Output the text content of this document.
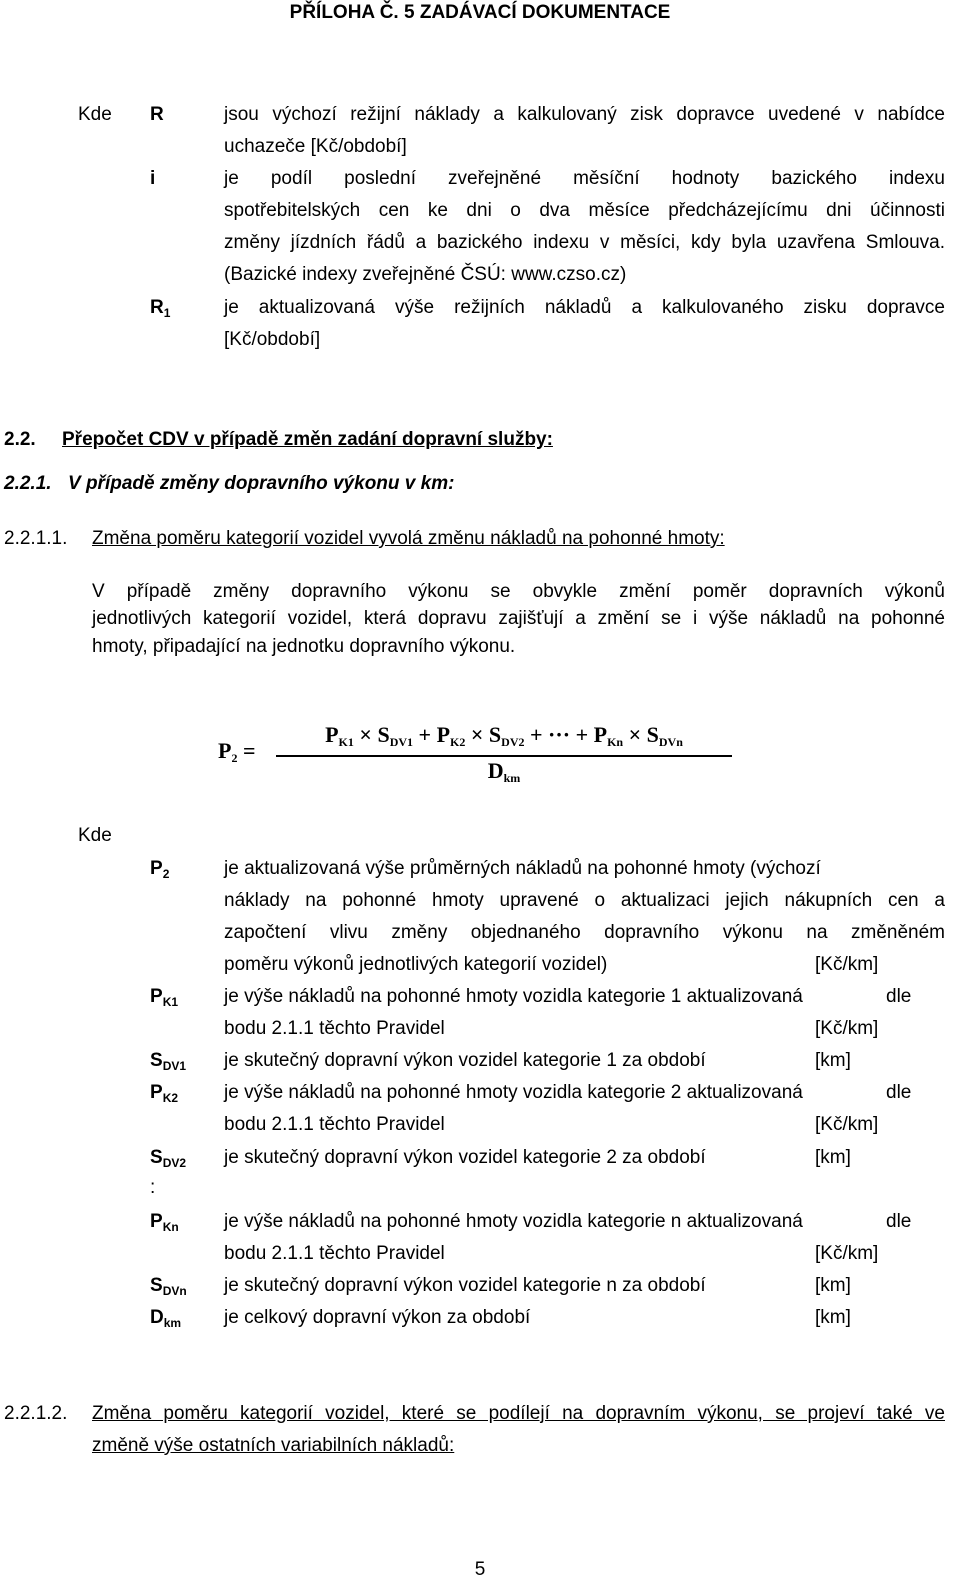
PŘÍLOHA Č. 5 ZADÁVACÍ DOKUMENTACE
Kde R	jsou výchozí režijní náklady a kalkulovaný zisk dopravce uvedené v nabídce
uchazeče [Kč/období]
i	je podíl poslední zveřejněné měsíční hodnoty bazického indexu
spotřebitelských cen ke dni o dva měsíce předcházejícímu dni účinnosti
změny jízdních řádů a bazického indexu v měsíci, kdy byla uzavřena Smlouva.
(Bazické indexy zveřejněné ČSÚ: www.czso.cz)
$R_1$	je aktualizovaná výše režijních nákladů a kalkulovaného zisku dopravce
[Kč/období]
2.2. Přepočet CDV v případě změn zadání dopravní služby:
2.2.1. V případě změny dopravního výkonu v km:
2.2.1.1. Změna poměru kategorií vozidel vyvolá změnu nákladů na pohonné hmoty:
V případě změny dopravního výkonu se obvykle změní poměr dopravních výkonů
jednotlivých kategorií vozidel, která dopravu zajišťují a změní se i výše nákladů na pohonné
hmoty, připadající na jednotku dopravního výkonu.
$P_2$ =
$P_{K1} \times S_{DV1} + P_{K2} \times S_{DV2}$ + ··· + $P_{Kn} \times S_{DVn}$
$D_{km}$
Kde
$P_2$	je aktualizovaná výše průměrných nákladů na pohonné hmoty (výchozí
náklady na pohonné hmoty upravené o aktualizaci jejich nákupních cen a
započtení vlivu změny objednaného dopravního výkonu na změněném
poměru výkonů jednotlivých kategorií vozidel)	[Kč/km]
$P_{K1}$ je výše nákladů na pohonné hmoty vozidla kategorie 1 aktualizovaná	dle
bodu 2.1.1 těchto Pravidel	[Kč/km]
$S_{DV1}$ je skutečný dopravní výkon vozidel kategorie 1 za období	[km]
$P_{K2}$ je výše nákladů na pohonné hmoty vozidla kategorie 2 aktualizovaná	dle
bodu 2.1.1 těchto Pravidel	[Kč/km]
$S_{DV2}$ je skutečný dopravní výkon vozidel kategorie 2 za období	[km]
:
$P_{Kn}$ je výše nákladů na pohonné hmoty vozidla kategorie n aktualizovaná	dle
bodu 2.1.1 těchto Pravidel	[Kč/km]
$S_{DVn}$ je skutečný dopravní výkon vozidel kategorie n za období	[km]
$D_{km}$ je celkový dopravní výkon za období	[km]
2.2.1.2. Změna poměru kategorií vozidel, které se podílejí na dopravním výkonu, se projeví také ve
změně výše ostatních variabilních nákladů:
5
